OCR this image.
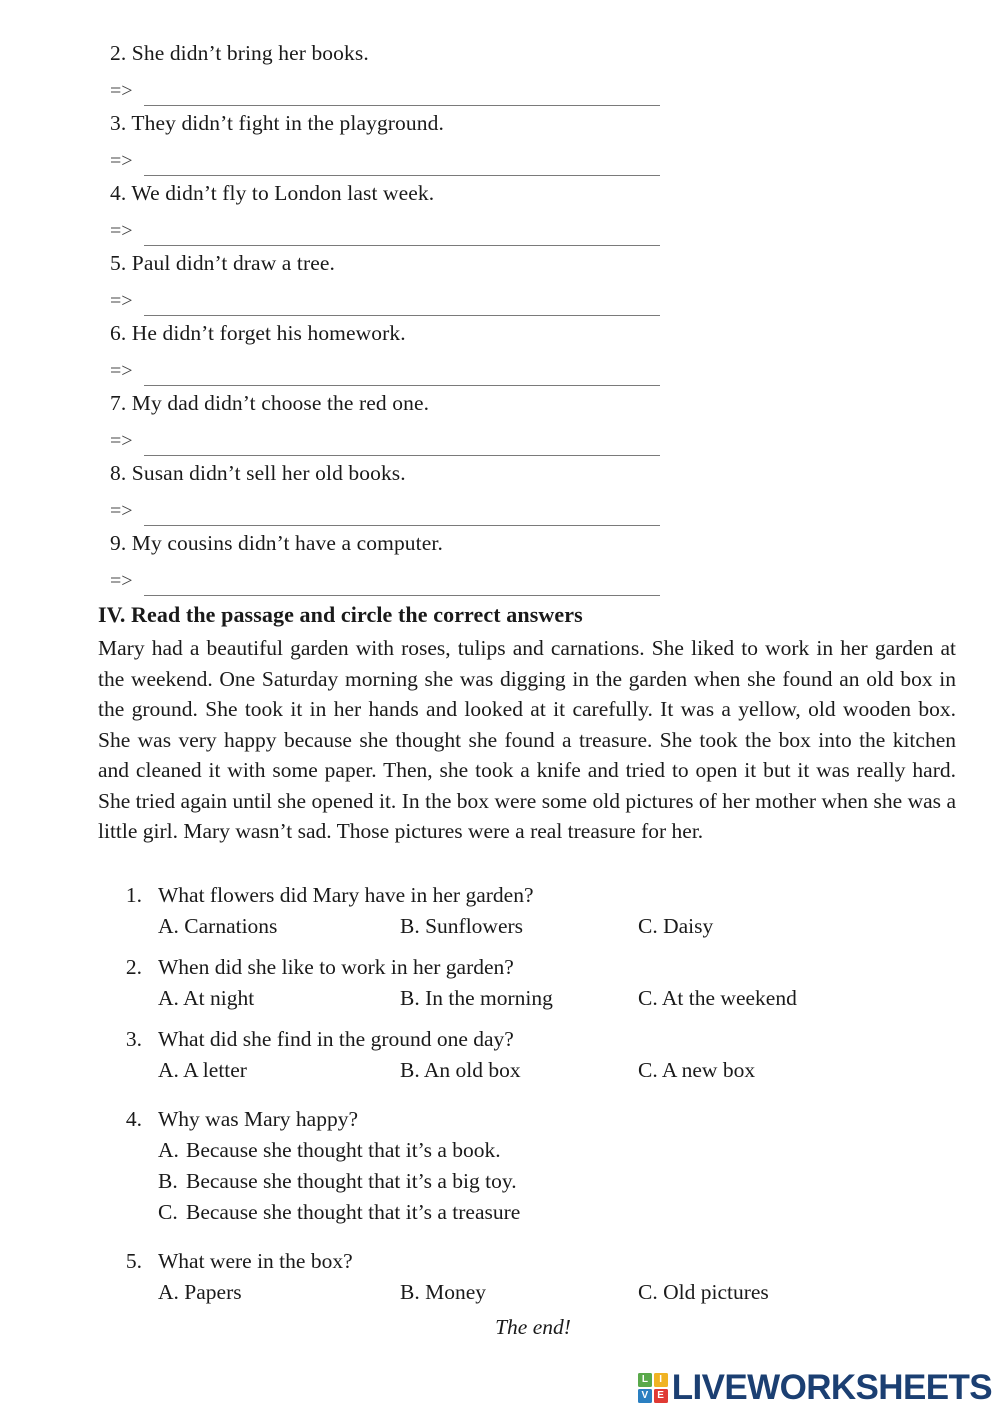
2. She didn’t bring her books.
=>
3. They didn’t fight in the playground.
=>
4. We didn’t fly to London last week.
=>
5. Paul didn’t draw a tree.
=>
6. He didn’t forget his homework.
=>
7. My dad didn’t choose the red one.
=>
8. Susan didn’t sell her old books.
=>
9. My cousins didn’t have a computer.
=>
IV. Read the passage and circle the correct answers
Mary had a beautiful garden with roses, tulips and carnations. She liked to work in her garden at the weekend. One Saturday morning she was digging in the garden when she found an old box in the ground. She took it in her hands and looked at it carefully. It was a yellow, old wooden box. She was very happy because she thought she found a treasure. She took the box into the kitchen and cleaned it with some paper. Then, she took a knife and tried to open it but it was really hard. She tried again until she opened it. In the box were some old pictures of her mother when she was a little girl. Mary wasn’t sad. Those pictures were a real treasure for her.
1. What flowers did Mary have in her garden?
A. Carnations	B. Sunflowers	C. Daisy
2. When did she like to work in her garden?
A. At night	B. In the morning	C. At the weekend
3. What did she find in the ground one day?
A. A letter	B. An old box	C. A new box
4. Why was Mary happy?
A. Because she thought that it’s a book.
B. Because she thought that it’s a big toy.
C. Because she thought that it’s a treasure
5. What were in the box?
A. Papers	B. Money	C. Old pictures
The end!
L	I
V E LIVEWORKSHEETS
